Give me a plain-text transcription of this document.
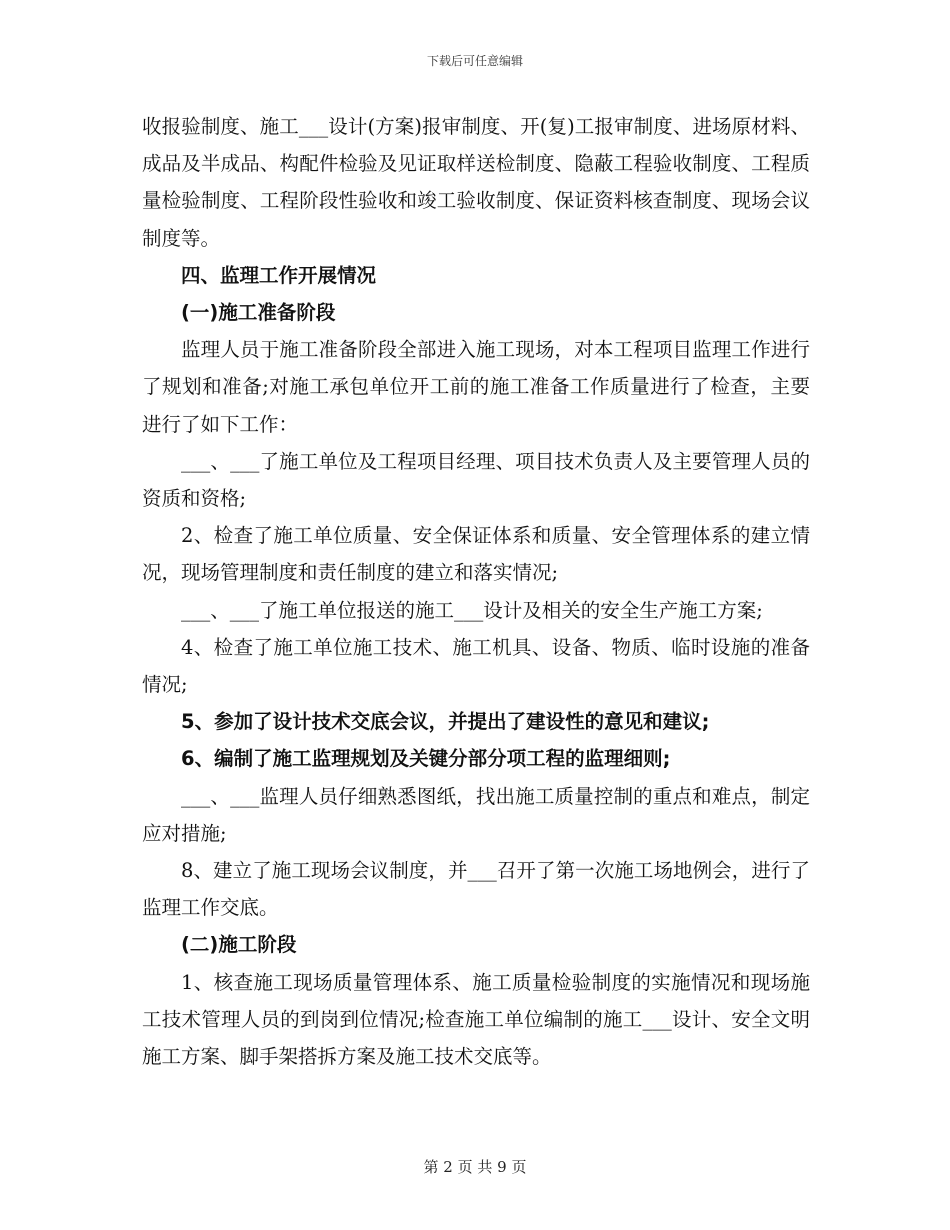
下载后可任意编辑

收报验制度、施工___设计(方案)报审制度、开(复)工报审制度、进场原材料、成品及半成品、构配件检验及见证取样送检制度、隐蔽工程验收制度、工程质量检验制度、工程阶段性验收和竣工验收制度、保证资料核查制度、现场会议制度等。

四、监理工作开展情况

(一)施工准备阶段

监理人员于施工准备阶段全部进入施工现场，对本工程项目监理工作进行了规划和准备;对施工承包单位开工前的施工准备工作质量进行了检查，主要进行了如下工作：

___、___了施工单位及工程项目经理、项目技术负责人及主要管理人员的资质和资格;

2、检查了施工单位质量、安全保证体系和质量、安全管理体系的建立情况，现场管理制度和责任制度的建立和落实情况;

___、___了施工单位报送的施工___设计及相关的安全生产施工方案;

4、检查了施工单位施工技术、施工机具、设备、物质、临时设施的准备情况;

5、参加了设计技术交底会议，并提出了建设性的意见和建议;

6、编制了施工监理规划及关键分部分项工程的监理细则;

___、___监理人员仔细熟悉图纸，找出施工质量控制的重点和难点，制定应对措施;

8、建立了施工现场会议制度，并___召开了第一次施工场地例会，进行了监理工作交底。

(二)施工阶段

1、核查施工现场质量管理体系、施工质量检验制度的实施情况和现场施工技术管理人员的到岗到位情况;检查施工单位编制的施工___设计、安全文明施工方案、脚手架搭拆方案及施工技术交底等。

第 2 页 共 9 页
